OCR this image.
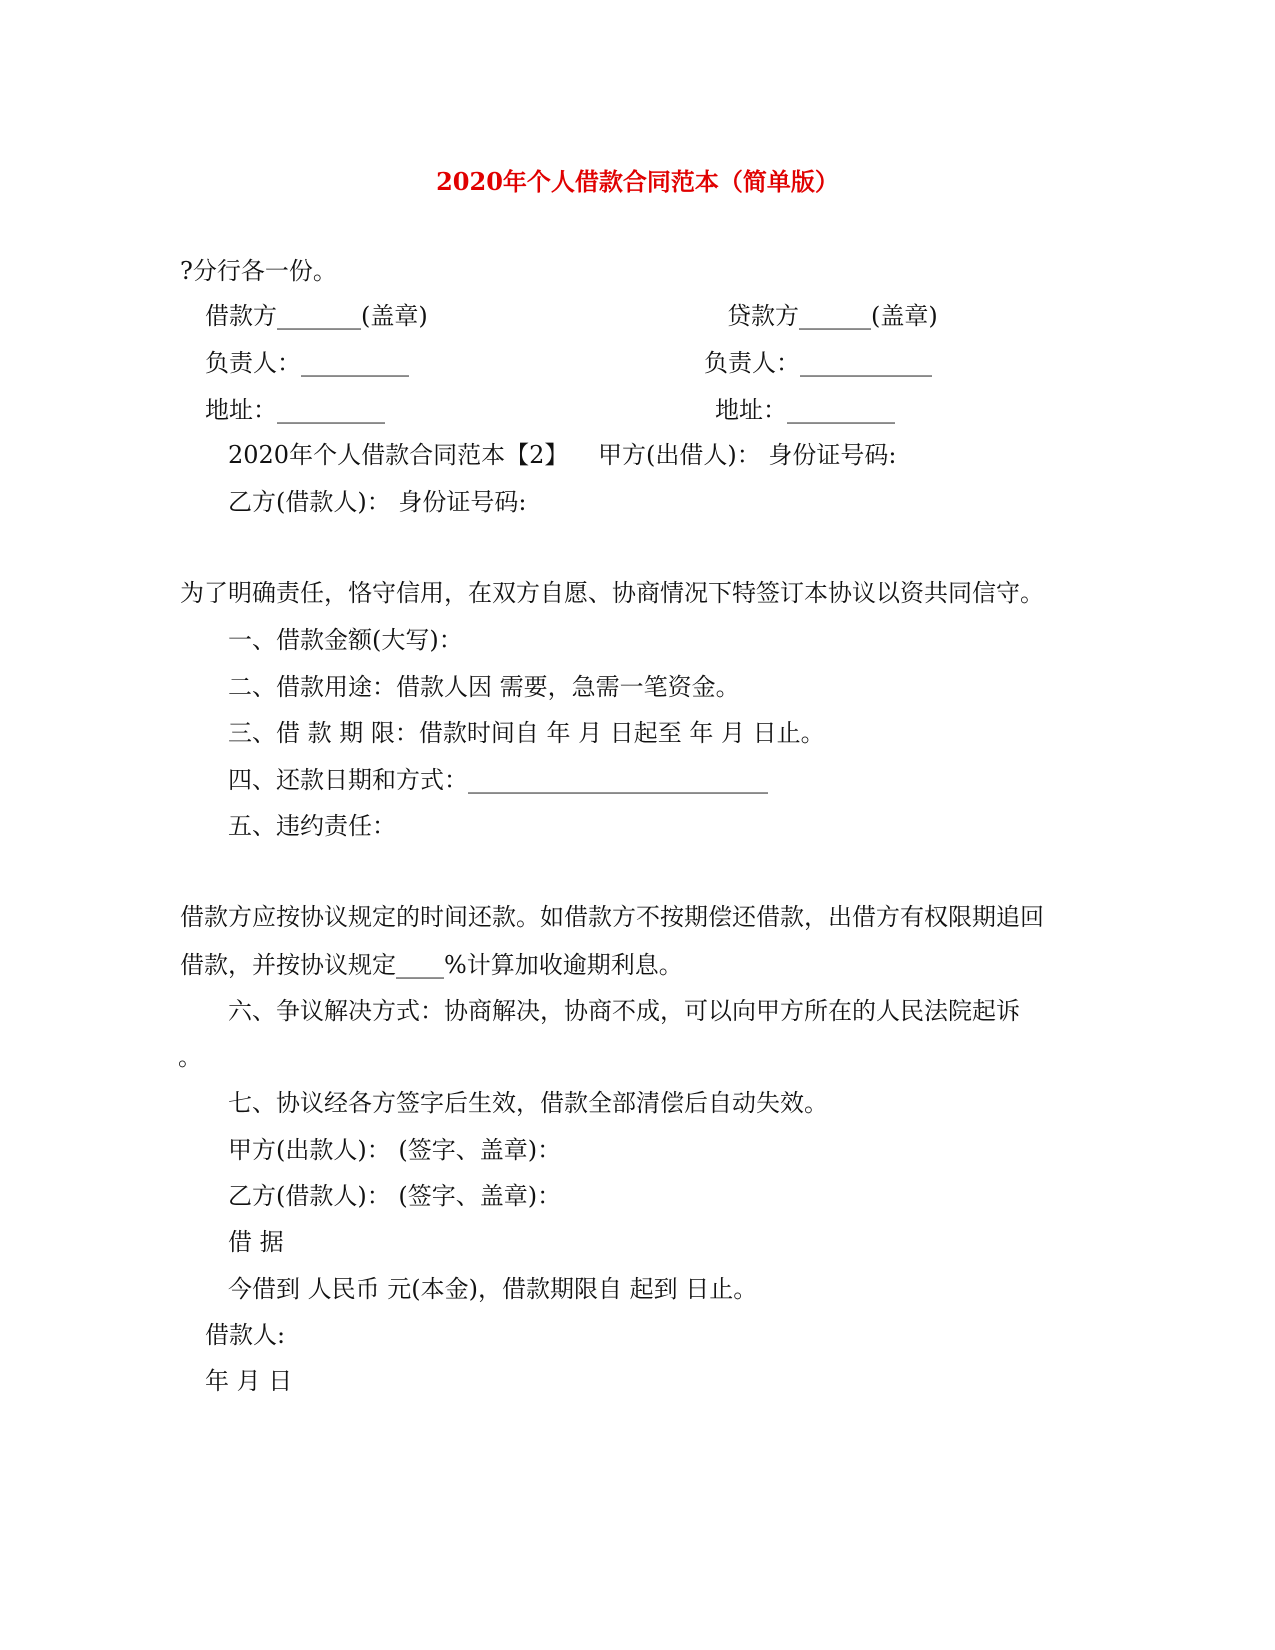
2020年个人借款合同范本（简单版）
?分行各一份。
借款方_______(盖章)	贷款方______(盖章)
负责人：_________	负责人：___________
地址：_________	地址：_________
2020年个人借款合同范本【2】 甲方(出借人)： 身份证号码:
乙方(借款人)： 身份证号码:
为了明确责任，恪守信用，在双方自愿、协商情况下特签订本协议以资共同信守。
一、借款金额(大写)：
二、借款用途：借款人因 需要，急需一笔资金。
三、借 款 期 限：借款时间自 年 月 日起至 年 月 日止。
四、还款日期和方式：_________________________
五、违约责任：
借款方应按协议规定的时间还款。如借款方不按期偿还借款，出借方有权限期追回
借款，并按协议规定____%计算加收逾期利息。
六、争议解决方式：协商解决，协商不成，可以向甲方所在的人民法院起诉
。
七、协议经各方签字后生效，借款全部清偿后自动失效。
甲方(出款人)： (签字、盖章)：
乙方(借款人)： (签字、盖章)：
借 据
今借到 人民币 元(本金)，借款期限自 起到 日止。
借款人:
年 月 日
